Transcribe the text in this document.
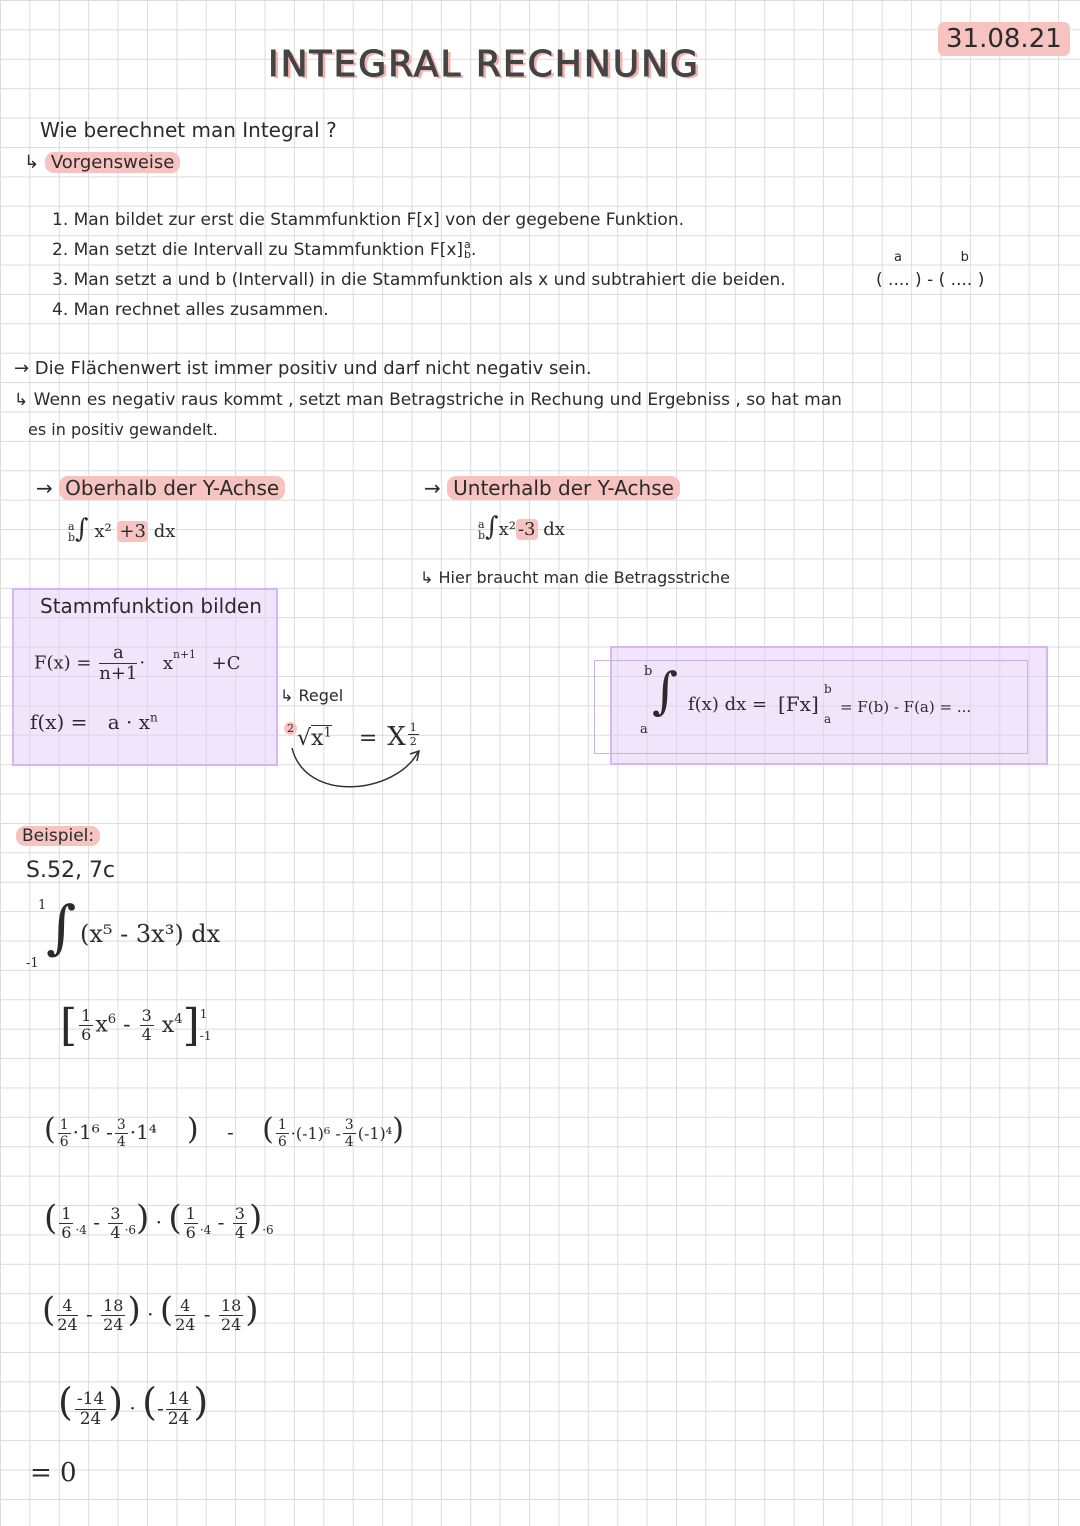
INTEGRAL RECHNUNG
31.08.21
Wie berechnet man Integral ?
↳ Vorgensweise
1. Man bildet zur erst die Stammfunktion F[x] von der gegebene Funktion.
2. Man setzt die Intervall zu Stammfunktion F[x] a
b .
3. Man setzt a und b (Intervall) in die Stammfunktion als x und subtrahiert die beiden.	( .... )
a
- ( .... )
b
4. Man rechnet alles zusammen.
→ Die Flächenwert ist immer positiv und darf nicht negativ sein.
↳ Wenn es negativ raus kommt , setzt man Betragstriche in Rechung und Ergebniss , so hat man
es in positiv gewandelt.
→ Oberhalb der Y-Achse
a
b ∫ x² +3 dx
→ Unterhalb der Y-Achse
a
b ∫x² -3 dx
↳ Hier braucht man die Betragsstriche
Stammfunktion bilden
$F(x) = \frac{a}{n+1} \cdot x^{n+1} +C$
$f(x) = a \cdot x^n$
↳ Regel
$^2$ $√x^1 = X \frac{1}{2}$
b
a
∫ f(x) dx = [Fx]
b
a
= F(b) - F(a) = ...
Beispiel:
S.52, 7c
1
-1
∫ (x⁵ - 3x³) dx
[ $\frac{1}{6} x^6 - \frac{3}{4} x^4$] 1
-1
( $\frac{1}{6} \cdot 1^6 - \frac{3}{4} \cdot 1^4$ ) - ( $\frac{1}{6} \cdot(-1)^6 - \frac{3}{4} (-1)^4$)
( $\frac{1}{6} _{\cdot 4} - \frac{3}{4} _{\cdot 6}$) · ( $\frac{1}{6} _{\cdot 4} - \frac{3}{4} )_{\cdot 6}$
( $\frac{4}{24} - \frac{18}{24}$ ) · ( $\frac{4}{24} - \frac{18}{24}$ )
( $\frac{-14}{24}$ ) · (- $\frac{14}{24}$ )
= 0
